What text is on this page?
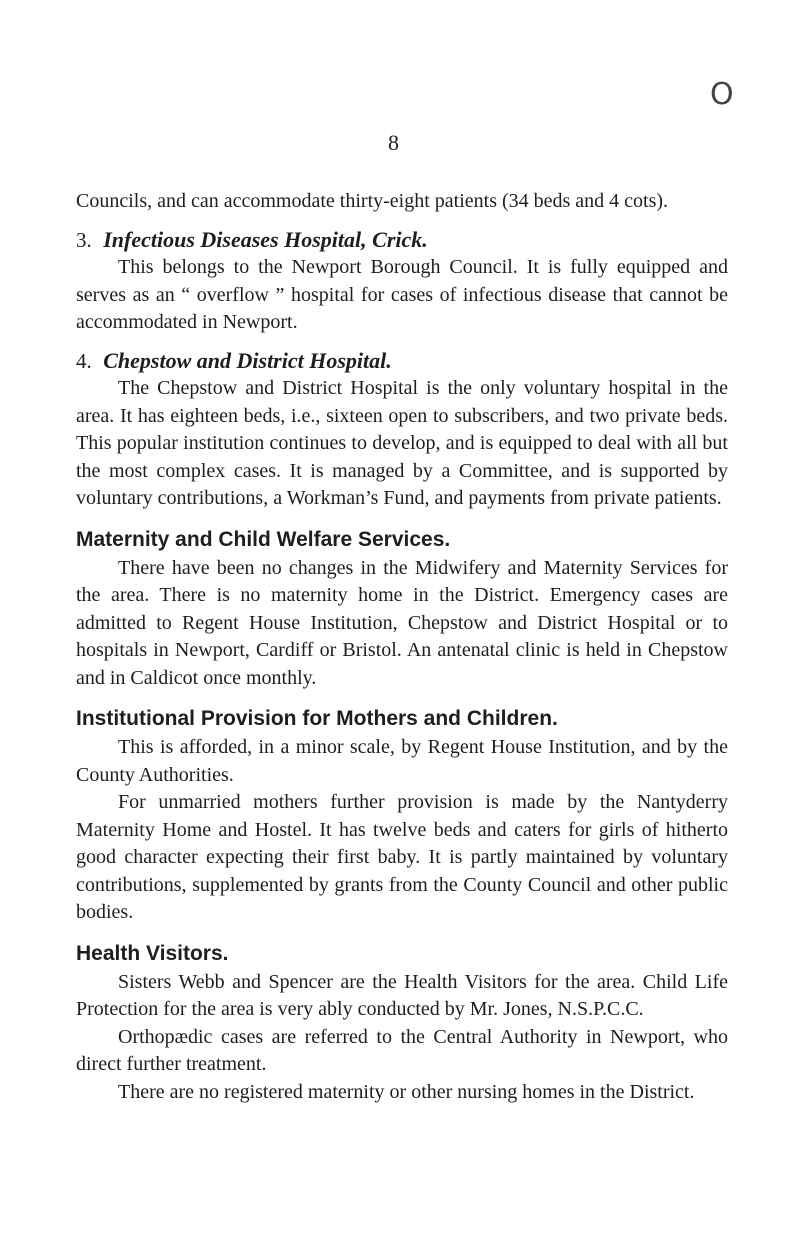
O
8

Councils, and can accommodate thirty-eight patients (34 beds and 4 cots).

3. Infectious Diseases Hospital, Crick.

This belongs to the Newport Borough Council. It is fully equipped and serves as an “ overflow ” hospital for cases of infectious disease that cannot be accommodated in Newport.

4. Chepstow and District Hospital.

The Chepstow and District Hospital is the only voluntary hospital in the area. It has eighteen beds, i.e., sixteen open to subscribers, and two private beds. This popular institution continues to develop, and is equipped to deal with all but the most complex cases. It is managed by a Committee, and is supported by voluntary contributions, a Workman’s Fund, and payments from private patients.

Maternity and Child Welfare Services.

There have been no changes in the Midwifery and Maternity Services for the area. There is no maternity home in the District. Emergency cases are admitted to Regent House Institution, Chepstow and District Hospital or to hospitals in Newport, Cardiff or Bristol. An antenatal clinic is held in Chepstow and in Caldicot once monthly.

Institutional Provision for Mothers and Children.

This is afforded, in a minor scale, by Regent House Institution, and by the County Authorities.

For unmarried mothers further provision is made by the Nantyderry Maternity Home and Hostel. It has twelve beds and caters for girls of hitherto good character expecting their first baby. It is partly maintained by voluntary contributions, supplemented by grants from the County Council and other public bodies.

Health Visitors.

Sisters Webb and Spencer are the Health Visitors for the area. Child Life Protection for the area is very ably conducted by Mr. Jones, N.S.P.C.C.

Orthopædic cases are referred to the Central Authority in Newport, who direct further treatment.

There are no registered maternity or other nursing homes in the District.
